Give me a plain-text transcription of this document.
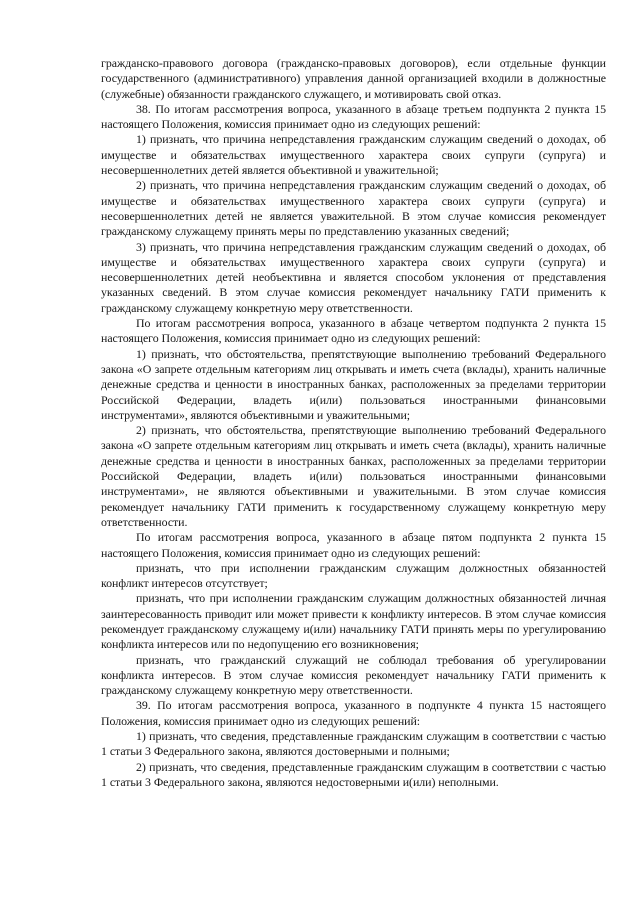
гражданско-правового договора (гражданско-правовых договоров), если отдельные функции государственного (административного) управления данной организацией входили в должностные (служебные) обязанности гражданского служащего, и мотивировать свой отказ.

38. По итогам рассмотрения вопроса, указанного в абзаце третьем подпункта 2 пункта 15 настоящего Положения, комиссия принимает одно из следующих решений:

1) признать, что причина непредставления гражданским служащим сведений о доходах, об имуществе и обязательствах имущественного характера своих супруги (супруга) и несовершеннолетних детей является объективной и уважительной;

2) признать, что причина непредставления гражданским служащим сведений о доходах, об имуществе и обязательствах имущественного характера своих супруги (супруга) и несовершеннолетних детей не является уважительной. В этом случае комиссия рекомендует гражданскому служащему принять меры по представлению указанных сведений;

3) признать, что причина непредставления гражданским служащим сведений о доходах, об имуществе и обязательствах имущественного характера своих супруги (супруга) и несовершеннолетних детей необъективна и является способом уклонения от представления указанных сведений. В этом случае комиссия рекомендует начальнику ГАТИ применить к гражданскому служащему конкретную меру ответственности.

По итогам рассмотрения вопроса, указанного в абзаце четвертом подпункта 2 пункта 15 настоящего Положения, комиссия принимает одно из следующих решений:

1) признать, что обстоятельства, препятствующие выполнению требований Федерального закона «О запрете отдельным категориям лиц открывать и иметь счета (вклады), хранить наличные денежные средства и ценности в иностранных банках, расположенных за пределами территории Российской Федерации, владеть и(или) пользоваться иностранными финансовыми инструментами», являются объективными и уважительными;

2) признать, что обстоятельства, препятствующие выполнению требований Федерального закона «О запрете отдельным категориям лиц открывать и иметь счета (вклады), хранить наличные денежные средства и ценности в иностранных банках, расположенных за пределами территории Российской Федерации, владеть и(или) пользоваться иностранными финансовыми инструментами», не являются объективными и уважительными. В этом случае комиссия рекомендует начальнику ГАТИ применить к государственному служащему конкретную меру ответственности.

По итогам рассмотрения вопроса, указанного в абзаце пятом подпункта 2 пункта 15 настоящего Положения, комиссия принимает одно из следующих решений:

признать, что при исполнении гражданским служащим должностных обязанностей конфликт интересов отсутствует;

признать, что при исполнении гражданским служащим должностных обязанностей личная заинтересованность приводит или может привести к конфликту интересов. В этом случае комиссия рекомендует гражданскому служащему и(или) начальнику ГАТИ принять меры по урегулированию конфликта интересов или по недопущению его возникновения;

признать, что гражданский служащий не соблюдал требования об урегулировании конфликта интересов. В этом случае комиссия рекомендует начальнику ГАТИ применить к гражданскому служащему конкретную меру ответственности.

39. По итогам рассмотрения вопроса, указанного в подпункте 4 пункта 15 настоящего Положения, комиссия принимает одно из следующих решений:

1) признать, что сведения, представленные гражданским служащим в соответствии с частью 1 статьи 3 Федерального закона, являются достоверными и полными;

2) признать, что сведения, представленные гражданским служащим в соответствии с частью 1 статьи 3 Федерального закона, являются недостоверными и(или) неполными.
